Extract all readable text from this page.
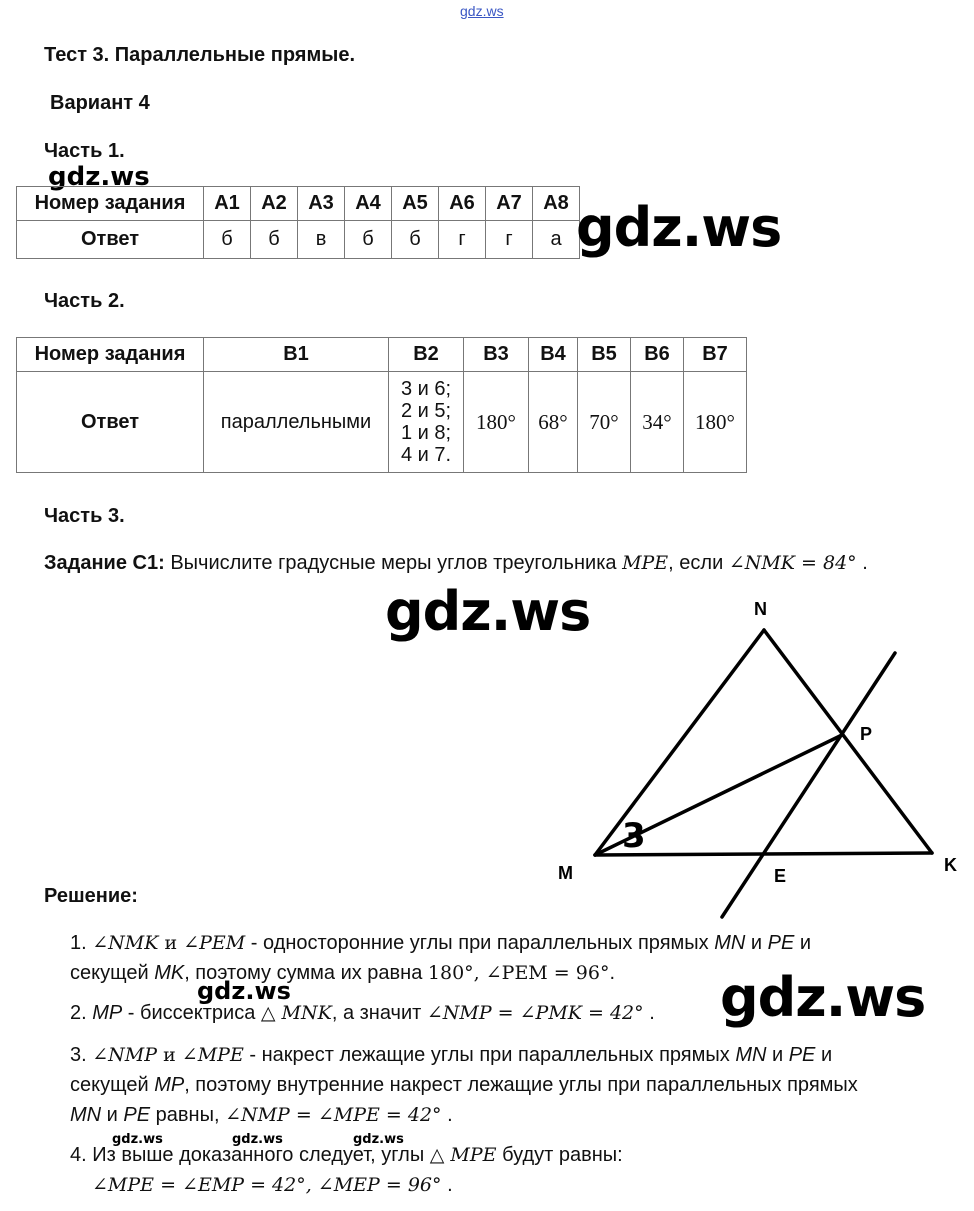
gdz.ws
Тест 3. Параллельные прямые.
Вариант 4
Часть 1.
gdz.ws
Номер задания	A1	A2	A3	A4	A5	A6	A7	A8
Ответ	б	б	в	б	б	г	г	а gdz.ws
Часть 2.
Номер задания	B1	B2	B3	B4	B5	B6	B7
Ответ	параллельными	3 и 6;
2 и 5;
1 и 8;
4 и 7.	180°	68°	70°	34°	180°
Часть 3.
Задание С1: Вычислите градусные меры углов треугольника MPE, если ∠NMK = 84° .
gdz.ws
3
N
P
M	E
K
Решение:
1. ∠NMK и ∠PEM - односторонние углы при параллельных прямых MN и PE и
секущей MK, поэтому сумма их равна 180°, ∠PEM = 96°.
gdz.ws
2. MP - биссектриса △ MNK, а значит ∠NMP = ∠PMK = 42° . gdz.ws
3. ∠NMP и ∠MPE - накрест лежащие углы при параллельных прямых MN и PE и
секущей MP, поэтому внутренние накрест лежащие углы при параллельных прямых
MN и PE равны, ∠NMP = ∠MPE = 42° .
gdz.ws	gdz.ws	gdz.ws
4. Из выше доказанного следует, углы △ MPE будут равны:
∠MPE = ∠EMP = 42°, ∠MEP = 96° .
